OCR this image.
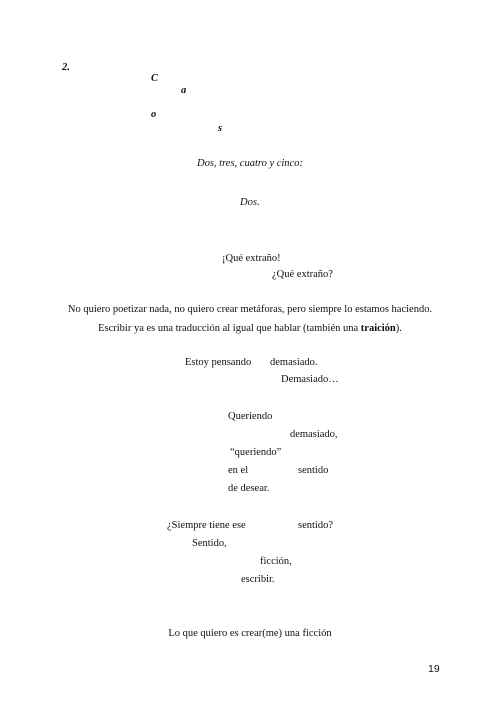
2.
C
a
o
s
Dos, tres, cuatro y cinco:
Dos.
¡Qué extraño!
¿Qué extraño?
No quiero poetizar nada, no quiero crear metáforas, pero siempre lo estamos haciendo.
Escribir ya es una traducción al igual que hablar (también una traición).
Estoy pensando demasiado.
Demasiado…
Queriendo
demasiado,
“queriendo”
en el	sentido
de desear.
¿Siempre tiene ese	sentido?
Sentido,
ficción,
escribir.
Lo que quiero es crear(me) una ficción
19
